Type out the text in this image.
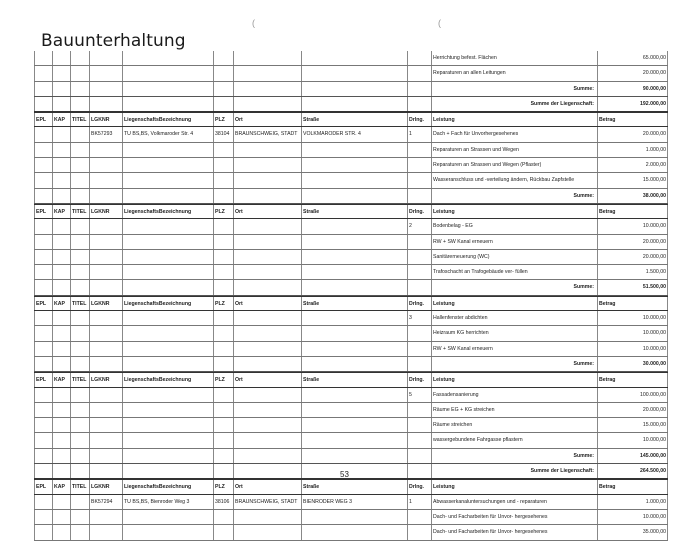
Bauunterhaltung
(	(
Herrichtung befest. Flächen	65.000,00
Reparaturen an allen Leitungen	20.000,00
Summe:	90.000,00
Summe der Liegenschaft:	192.000,00
EPL	KAP	TITEL LGKNR	LiegenschaftsBezeichnung	PLZ	Ort	Straße	Drlng.	Leistung	Betrag
BK57293	TU BS,BS, Volkmaroder Str. 4	38104	BRAUNSCHWEIG, STADT	VOLKMARODER STR. 4	1	Dach + Fach für Unvorhergesehenes	20.000,00
Reparaturen an Strassen und Wegen	1.000,00
Reparaturen an Strassen und Wegen (Pflaster)	2.000,00
Wasseranschluss und -verteilung ändern, Rückbau Zapfstelle	15.000,00
Summe:	38.000,00
EPL	KAP	TITEL LGKNR	LiegenschaftsBezeichnung	PLZ	Ort	Straße	Drlng.	Leistung	Betrag
2	Bodenbelag - EG	10.000,00
RW + SW Kanal erneuern	20.000,00
Sanitärerneuerung (WC)	20.000,00
Trafoschacht an Trafogebäude ver- füllen	1.500,00
Summe:	51.500,00
EPL	KAP	TITEL LGKNR	LiegenschaftsBezeichnung	PLZ	Ort	Straße	Drlng.	Leistung	Betrag
3	Hallenfenster abdichten	10.000,00
Heizraum KG herrichten	10.000,00
RW + SW Kanal erneuern	10.000,00
Summe:	30.000,00
EPL	KAP	TITEL LGKNR	LiegenschaftsBezeichnung	PLZ	Ort	Straße	Drlng.	Leistung	Betrag
5	Fassadensanierung	100.000,00
Räume EG + KG streichen	20.000,00
Räume streichen	15.000,00
wassergebundene Fahrgasse pflastern	10.000,00
Summe:	145.000,00
Summe der Liegenschaft:	264.500,00
EPL	KAP	TITEL LGKNR	LiegenschaftsBezeichnung	PLZ	Ort	Straße	Drlng.	Leistung	Betrag
BK57294	TU BS,BS, Bienroder Weg 3	38106	BRAUNSCHWEIG, STADT	BIENRODER WEG 3	1	Abwasserkanaluntersuchungen und - reparaturen	1.000,00
Dach- und Facharbeiten für Unvor- hergesehenes	10.000,00
Dach- und Facharbeiten für Unvor- hergesehenes	35.000,00
53
